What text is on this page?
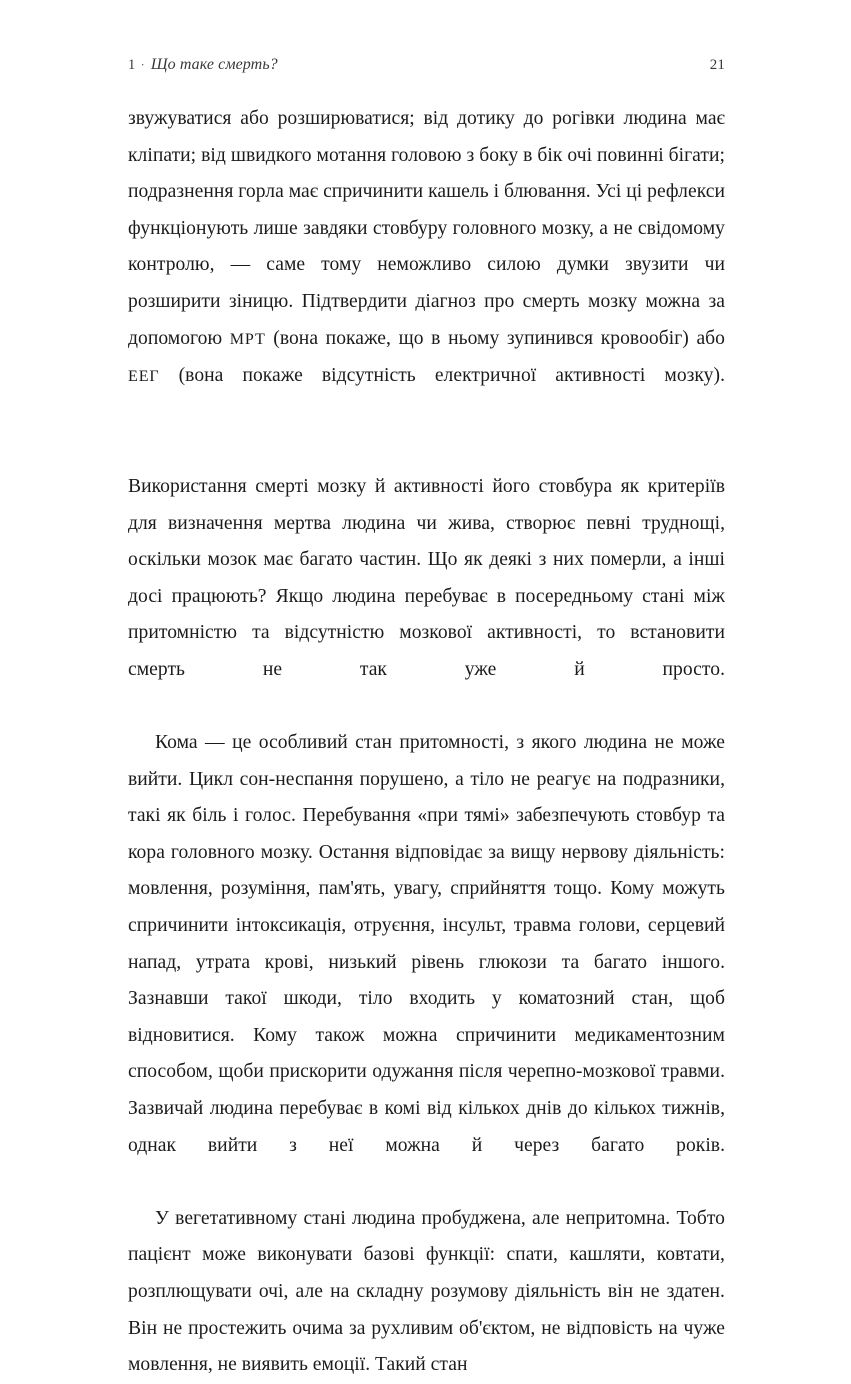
1 · Що таке смерть?	21

звужуватися або розширюватися; від дотику до рогівки людина має кліпати; від швидкого мотання головою з боку в бік очі повинні бігати; подразнення горла має спричинити кашель і блювання. Усі ці рефлекси функціонують лише завдяки стовбуру головного мозку, а не свідомому контролю, — саме тому неможливо силою думки звузити чи розширити зіницю. Підтвердити діагноз про смерть мозку можна за допомогою МРТ (вона покаже, що в ньому зупинився кровообіг) або ЕЕГ (вона покаже відсутність електричної активності мозку).

Використання смерті мозку й активності його стовбура як критеріїв для визначення мертва людина чи жива, створює певні труднощі, оскільки мозок має багато частин. Що як деякі з них померли, а інші досі працюють? Якщо людина перебуває в посередньому стані між притомністю та відсутністю мозкової активності, то встановити смерть не так уже й просто.

Кома — це особливий стан притомності, з якого людина не може вийти. Цикл сон-неспання порушено, а тіло не реагує на подразники, такі як біль і голос. Перебування «при тямі» забезпечують стовбур та кора головного мозку. Остання відповідає за вищу нервову діяльність: мовлення, розуміння, пам'ять, увагу, сприйняття тощо. Кому можуть спричинити інтоксикація, отруєння, інсульт, травма голови, серцевий напад, утрата крові, низький рівень глюкози та багато іншого. Зазнавши такої шкоди, тіло входить у коматозний стан, щоб відновитися. Кому також можна спричинити медикаментозним способом, щоби прискорити одужання після черепно-мозкової травми. Зазвичай людина перебуває в комі від кількох днів до кількох тижнів, однак вийти з неї можна й через багато років.

У вегетативному стані людина пробуджена, але непритомна. Тобто пацієнт може виконувати базові функції: спати, кашляти, ковтати, розплющувати очі, але на складну розумову діяльність він не здатен. Він не простежить очима за рухливим об'єктом, не відповість на чуже мовлення, не виявить емоції. Такий стан
